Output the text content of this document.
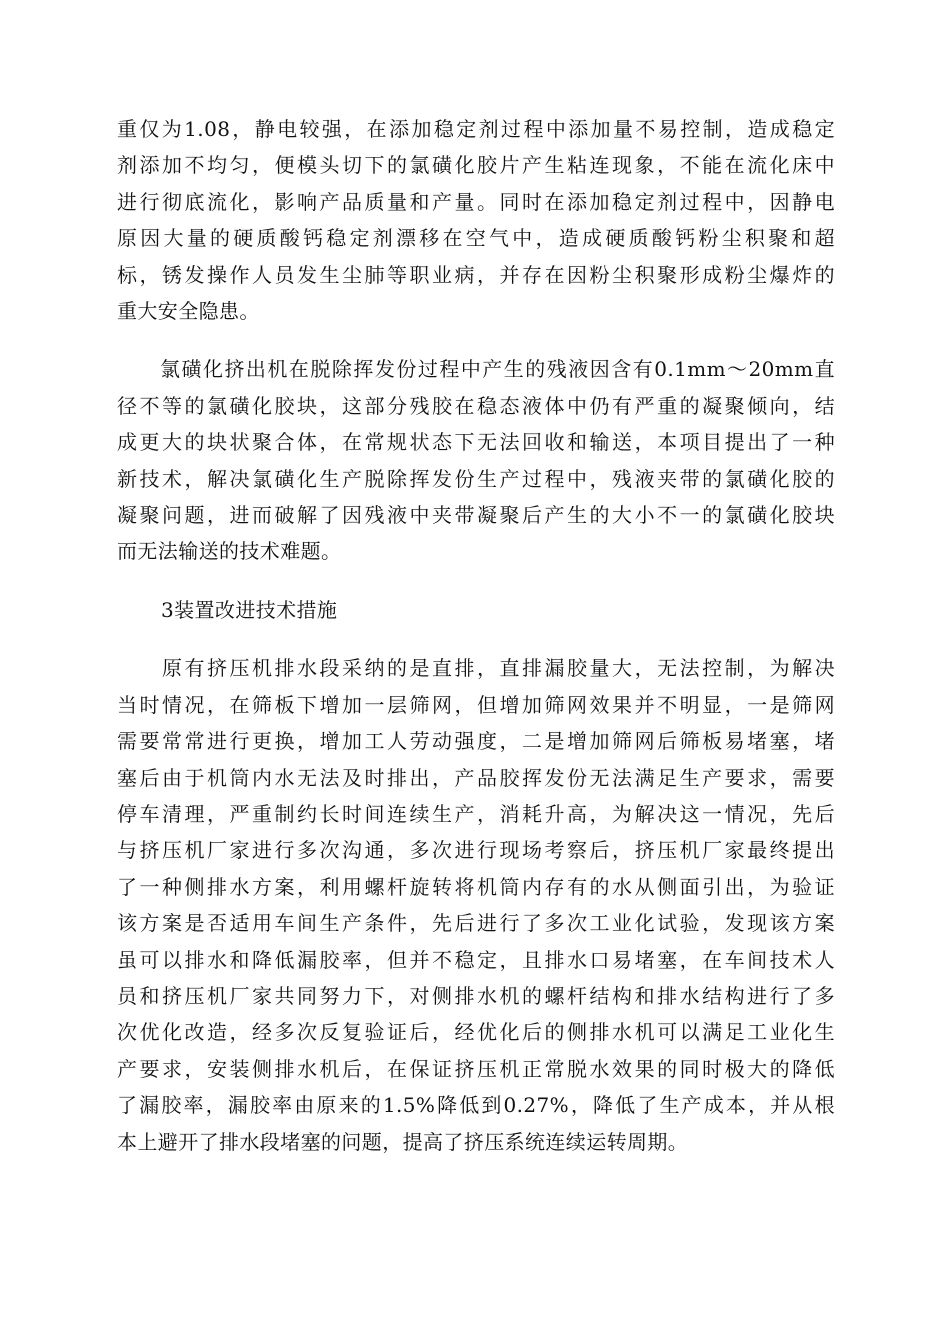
重仅为1.08，静电较强，在添加稳定剂过程中添加量不易控制，造成稳定
剂添加不均匀，便模头切下的氯磺化胶片产生粘连现象，不能在流化床中
进行彻底流化，影响产品质量和产量。同时在添加稳定剂过程中，因静电
原因大量的硬质酸钙稳定剂漂移在空气中，造成硬质酸钙粉尘积聚和超
标，锈发操作人员发生尘肺等职业病，并存在因粉尘积聚形成粉尘爆炸的
重大安全隐患。
　　氯磺化挤出机在脱除挥发份过程中产生的残液因含有0.1mm～20mm直
径不等的氯磺化胶块，这部分残胶在稳态液体中仍有严重的凝聚倾向，结
成更大的块状聚合体，在常规状态下无法回收和输送，本项目提出了一种
新技术，解决氯磺化生产脱除挥发份生产过程中，残液夹带的氯磺化胶的
凝聚问题，进而破解了因残液中夹带凝聚后产生的大小不一的氯磺化胶块
而无法输送的技术难题。
3装置改进技术措施
　　原有挤压机排水段采纳的是直排，直排漏胶量大，无法控制，为解决
当时情况，在筛板下增加一层筛网，但增加筛网效果并不明显，一是筛网
需要常常进行更换，增加工人劳动强度，二是增加筛网后筛板易堵塞，堵
塞后由于机筒内水无法及时排出，产品胶挥发份无法满足生产要求，需要
停车清理，严重制约长时间连续生产，消耗升高，为解决这一情况，先后
与挤压机厂家进行多次沟通，多次进行现场考察后，挤压机厂家最终提出
了一种侧排水方案，利用螺杆旋转将机筒内存有的水从侧面引出，为验证
该方案是否适用车间生产条件，先后进行了多次工业化试验，发现该方案
虽可以排水和降低漏胶率，但并不稳定，且排水口易堵塞，在车间技术人
员和挤压机厂家共同努力下，对侧排水机的螺杆结构和排水结构进行了多
次优化改造，经多次反复验证后，经优化后的侧排水机可以满足工业化生
产要求，安装侧排水机后，在保证挤压机正常脱水效果的同时极大的降低
了漏胶率，漏胶率由原来的1.5%降低到0.27%，降低了生产成本，并从根
本上避开了排水段堵塞的问题，提高了挤压系统连续运转周期。
